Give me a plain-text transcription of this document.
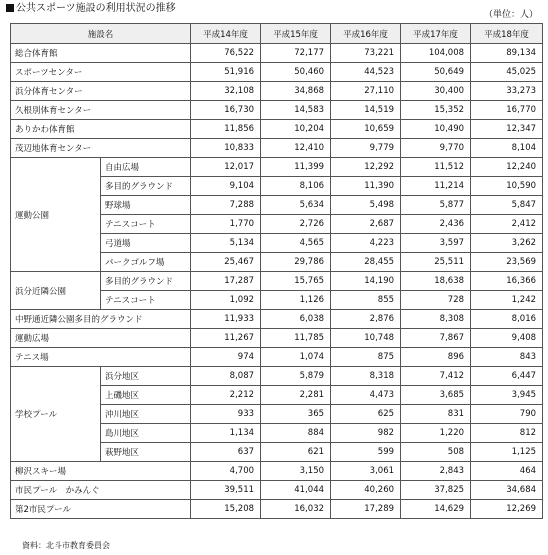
公共スポーツ施設の利用状況の推移
（単位：人）
施設名		平成14年度	平成15年度	平成16年度	平成17年度	平成18年度
総合体育館		76,522	72,177	73,221	104,008	89,134
スポーツセンター		51,916	50,460	44,523	50,649	45,025
浜分体育センター		32,108	34,868	27,110	30,400	33,273
久根別体育センター		16,730	14,583	14,519	15,352	16,770
ありかわ体育館		11,856	10,204	10,659	10,490	12,347
茂辺地体育センター		10,833	12,410	9,779	9,770	8,104
運動公園	自由広場	12,017	11,399	12,292	11,512	12,240
	多目的グラウンド	9,104	8,106	11,390	11,214	10,590
	野球場	7,288	5,634	5,498	5,877	5,847
	テニスコート	1,770	2,726	2,687	2,436	2,412
	弓道場	5,134	4,565	4,223	3,597	3,262
	パークゴルフ場	25,467	29,786	28,455	25,511	23,569
浜分近隣公園	多目的グラウンド	17,287	15,765	14,190	18,638	16,366
	テニスコート	1,092	1,126	855	728	1,242
中野通近隣公園多目的グラウンド		11,933	6,038	2,876	8,308	8,016
運動広場		11,267	11,785	10,748	7,867	9,408
テニス場		974	1,074	875	896	843
学校プール	浜分地区	8,087	5,879	8,318	7,412	6,447
	上磯地区	2,212	2,281	4,473	3,685	3,945
	沖川地区	933	365	625	831	790
	島川地区	1,134	884	982	1,220	812
	萩野地区	637	621	599	508	1,125
柳沢スキー場		4,700	3,150	3,061	2,843	464
市民プール　かみんぐ		39,511	41,044	40,260	37,825	34,684
第2市民プール		15,208	16,032	17,289	14,629	12,269
資料：北斗市教育委員会
